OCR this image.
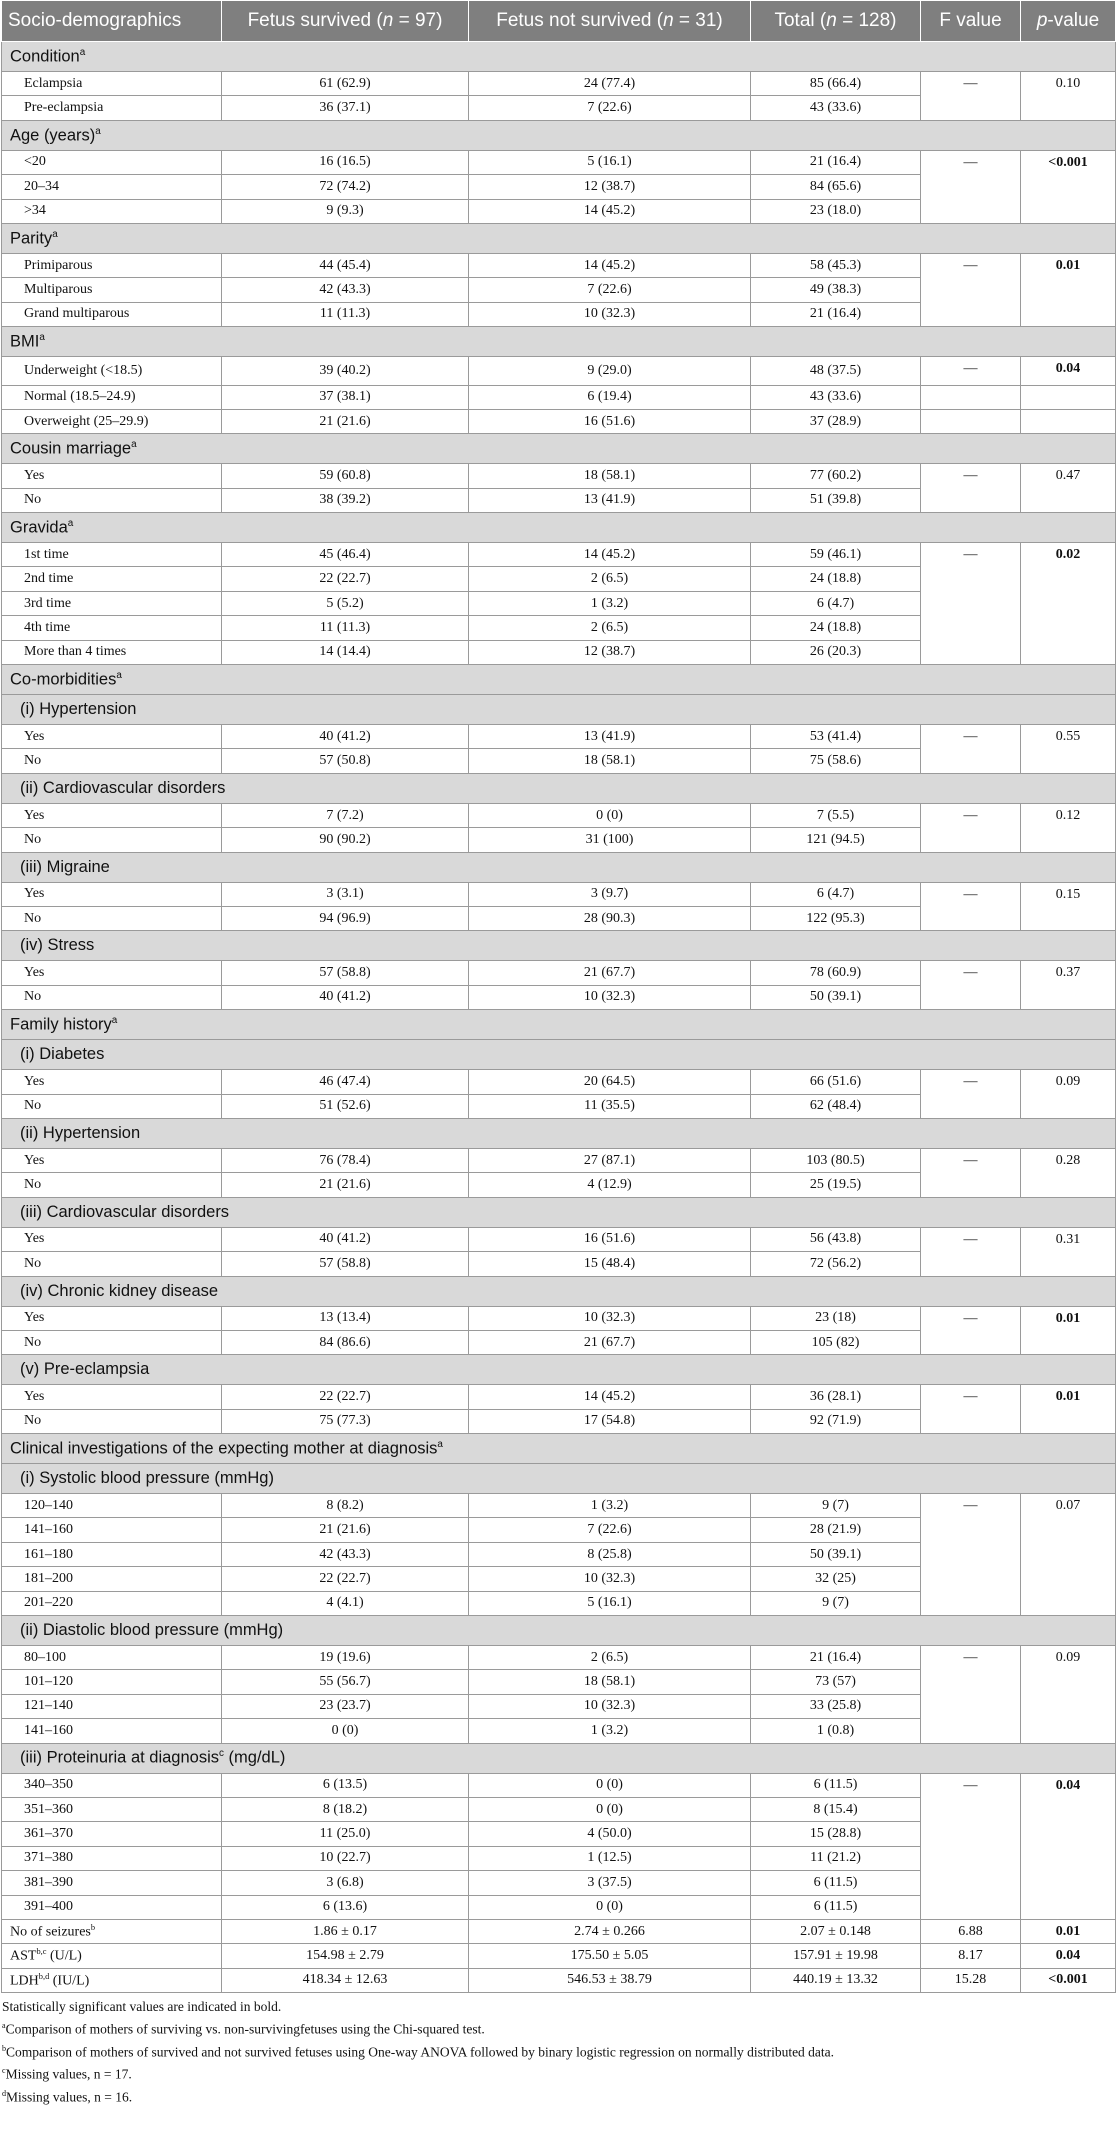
Socio-demographics	Fetus survived (n = 97)	Fetus not survived (n = 31)	Total (n = 128)	F value	p-value
Condition$^a$
Eclampsia	61 (62.9)	24 (77.4)	85 (66.4)	—	0.10
Pre-eclampsia	36 (37.1)	7 (22.6)	43 (33.6)		
Age (years)$^a$
<20	16 (16.5)	5 (16.1)	21 (16.4)	—	<0.001
20–34	72 (74.2)	12 (38.7)	84 (65.6)		
>34	9 (9.3)	14 (45.2)	23 (18.0)		
Parity$^a$
Primiparous	44 (45.4)	14 (45.2)	58 (45.3)	—	0.01
Multiparous	42 (43.3)	7 (22.6)	49 (38.3)		
Grand multiparous	11 (11.3)	10 (32.3)	21 (16.4)		
BMI$^a$
Underweight (<18.5)	39 (40.2)	9 (29.0)	48 (37.5)	—	0.04
Normal (18.5–24.9)	37 (38.1)	6 (19.4)	43 (33.6)		
Overweight (25–29.9)	21 (21.6)	16 (51.6)	37 (28.9)		
Cousin marriage$^a$
Yes	59 (60.8)	18 (58.1)	77 (60.2)	—	0.47
No	38 (39.2)	13 (41.9)	51 (39.8)		
Gravida$^a$
1st time	45 (46.4)	14 (45.2)	59 (46.1)	—	0.02
2nd time	22 (22.7)	2 (6.5)	24 (18.8)		
3rd time	5 (5.2)	1 (3.2)	6 (4.7)		
4th time	11 (11.3)	2 (6.5)	24 (18.8)		
More than 4 times	14 (14.4)	12 (38.7)	26 (20.3)		
Co-morbidities$^a$
(i) Hypertension					
Yes	40 (41.2)	13 (41.9)	53 (41.4)	—	0.55
No	57 (50.8)	18 (58.1)	75 (58.6)		
(ii) Cardiovascular disorders					
Yes	7 (7.2)	0 (0)	7 (5.5)	—	0.12
No	90 (90.2)	31 (100)	121 (94.5)		
(iii) Migraine					
Yes	3 (3.1)	3 (9.7)	6 (4.7)	—	0.15
No	94 (96.9)	28 (90.3)	122 (95.3)		
(iv) Stress					
Yes	57 (58.8)	21 (67.7)	78 (60.9)	—	0.37
No	40 (41.2)	10 (32.3)	50 (39.1)		
Family history$^a$
(i) Diabetes					
Yes	46 (47.4)	20 (64.5)	66 (51.6)	—	0.09
No	51 (52.6)	11 (35.5)	62 (48.4)		
(ii) Hypertension					
Yes	76 (78.4)	27 (87.1)	103 (80.5)	—	0.28
No	21 (21.6)	4 (12.9)	25 (19.5)		
(iii) Cardiovascular disorders					
Yes	40 (41.2)	16 (51.6)	56 (43.8)	—	0.31
No	57 (58.8)	15 (48.4)	72 (56.2)		
(iv) Chronic kidney disease					
Yes	13 (13.4)	10 (32.3)	23 (18)	—	0.01
No	84 (86.6)	21 (67.7)	105 (82)		
(v) Pre-eclampsia					
Yes	22 (22.7)	14 (45.2)	36 (28.1)	—	0.01
No	75 (77.3)	17 (54.8)	92 (71.9)		
Clinical investigations of the expecting mother at diagnosis$^a$
(i) Systolic blood pressure (mmHg)					
120–140	8 (8.2)	1 (3.2)	9 (7)	—	0.07
141–160	21 (21.6)	7 (22.6)	28 (21.9)		
161–180	42 (43.3)	8 (25.8)	50 (39.1)		
181–200	22 (22.7)	10 (32.3)	32 (25)		
201–220	4 (4.1)	5 (16.1)	9 (7)		
(ii) Diastolic blood pressure (mmHg)					
80–100	19 (19.6)	2 (6.5)	21 (16.4)	—	0.09
101–120	55 (56.7)	18 (58.1)	73 (57)		
121–140	23 (23.7)	10 (32.3)	33 (25.8)		
141–160	0 (0)	1 (3.2)	1 (0.8)		
(iii) Proteinuria at diagnosis$^c$ (mg/dL)					
340–350	6 (13.5)	0 (0)	6 (11.5)	—	0.04
351–360	8 (18.2)	0 (0)	8 (15.4)		
361–370	11 (25.0)	4 (50.0)	15 (28.8)		
371–380	10 (22.7)	1 (12.5)	11 (21.2)		
381–390	3 (6.8)	3 (37.5)	6 (11.5)		
391–400	6 (13.6)	0 (0)	6 (11.5)		
No of seizures$^b$	1.86 ± 0.17	2.74 ± 0.266	2.07 ± 0.148	6.88	0.01
AST$^{b,c}$ (U/L)	154.98 ± 2.79	175.50 ± 5.05	157.91 ± 19.98	8.17	0.04
LDH$^{b,d}$ (IU/L)	418.34 ± 12.63	546.53 ± 38.79	440.19 ± 13.32	15.28	<0.001
Statistically significant values are indicated in bold.
$^a$Comparison of mothers of surviving vs. non-survivingfetuses using the Chi-squared test.
$^b$Comparison of mothers of survived and not survived fetuses using One-way ANOVA followed by binary logistic regression on normally distributed data.
$^c$Missing values, n = 17.
$^d$Missing values, n = 16.
